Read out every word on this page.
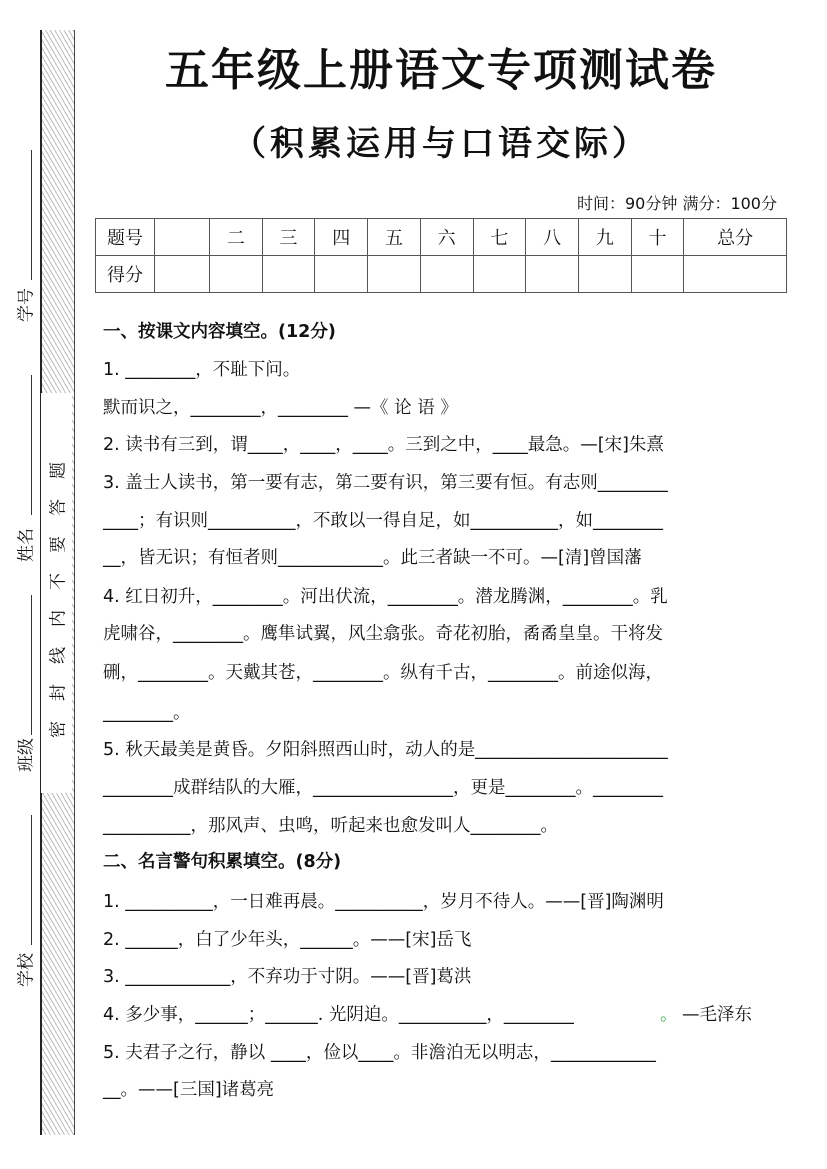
密封线内不要答题
学号
姓名
班级
学校
五年级上册语文专项测试卷
（积累运用与口语交际）
时间：90分钟 满分：100分
题号		二	三	四	五	六	七	八	九	十	总分
得分											
一、按课文内容填空。(12分)
1. ________，不耻下问。
默而识之，________，________ —《 论 语 》
2. 读书有三到，谓____，____，____。三到之中，____最急。—[宋]朱熹
3. 盖士人读书，第一要有志，第二要有识，第三要有恒。有志则________
____；有识则__________，不敢以一得自足，如__________，如________
__，皆无识；有恒者则____________。此三者缺一不可。—[清]曾国藩
4. 红日初升，________。河出伏流，________。潜龙腾渊，________。乳
虎啸谷，________。鹰隼试翼，风尘翕张。奇花初胎，矞矞皇皇。干将发
硎，________。天戴其苍，________。纵有千古，________。前途似海，
________。
5. 秋天最美是黄昏。夕阳斜照西山时，动人的是______________________
________成群结队的大雁，________________，更是________。________
__________，那风声、虫鸣，听起来也愈发叫人________。
二、名言警句积累填空。(8分)
1. __________，一日难再晨。__________，岁月不待人。——[晋]陶渊明
2. ______，白了少年头，______。——[宋]岳飞
3. ____________，不弃功于寸阴。——[晋]葛洪
4. 多少事，______；______. 光阴迫。__________，________	。 —毛泽东
5. 夫君子之行，静以 ____，俭以____。非澹泊无以明志，____________
__。——[三国]诸葛亮
